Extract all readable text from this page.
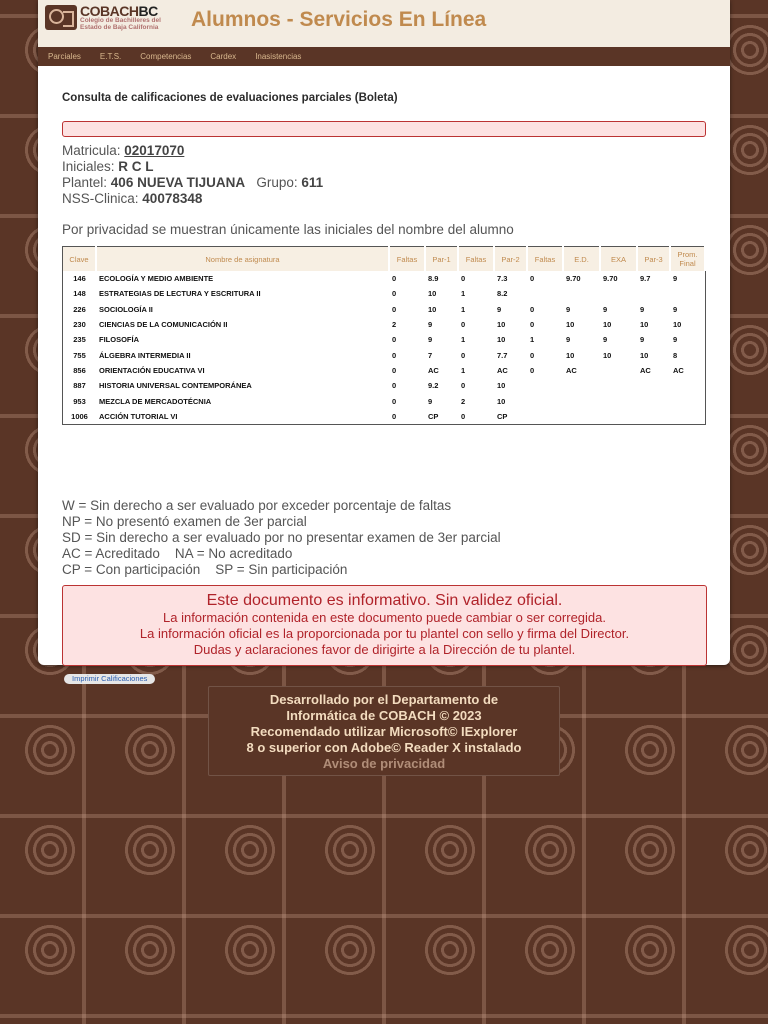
COBACHBC
Colegio de Bachilleres del
Estado de Baja California Alumnos - Servicios En Línea
Parciales E.T.S. Competencias Cardex Inasistencias
Consulta de calificaciones de evaluaciones parciales (Boleta)
Matricula: 02017070
Iniciales: R C L
Plantel: 406 NUEVA TIJUANA Grupo: 611
NSS-Clinica: 40078348
Por privacidad se muestran únicamente las iniciales del nombre del alumno
Clave	Nombre de asignatura	Faltas	Par-1	Faltas	Par-2	Faltas	E.D.	EXA	Par-3	Prom.
Final
146	ECOLOGÍA Y MEDIO AMBIENTE	0	8.9	0	7.3	0	9.70	9.70	9.7	9
148	ESTRATEGIAS DE LECTURA Y ESCRITURA II	0	10	1	8.2					
226	SOCIOLOGÍA II	0	10	1	9	0	9	9	9	9
230	CIENCIAS DE LA COMUNICACIÓN II	2	9	0	10	0	10	10	10	10
235	FILOSOFÍA	0	9	1	10	1	9	9	9	9
755	ÁLGEBRA INTERMEDIA II	0	7	0	7.7	0	10	10	10	8
856	ORIENTACIÓN EDUCATIVA VI	0	AC	1	AC	0	AC		AC	AC
887	HISTORIA UNIVERSAL CONTEMPORÁNEA	0	9.2	0	10					
953	MEZCLA DE MERCADOTÉCNIA	0	9	2	10					
1006	ACCIÓN TUTORIAL VI	0	CP	0	CP					
W = Sin derecho a ser evaluado por exceder porcentaje de faltas
NP = No presentó examen de 3er parcial
SD = Sin derecho a ser evaluado por no presentar examen de 3er parcial
AC = Acreditado    NA = No acreditado
CP = Con participación    SP = Sin participación
Este documento es informativo. Sin validez oficial.
La información contenida en este documento puede cambiar o ser corregida.
La información oficial es la proporcionada por tu plantel con sello y firma del Director.
Dudas y aclaraciones favor de dirigirte a la Dirección de tu plantel.
Imprimir Calificaciones
Desarrollado por el Departamento de
Informática de COBACH © 2023
Recomendado utilizar Microsoft© IExplorer
8 o superior con Adobe© Reader X instalado
Aviso de privacidad
